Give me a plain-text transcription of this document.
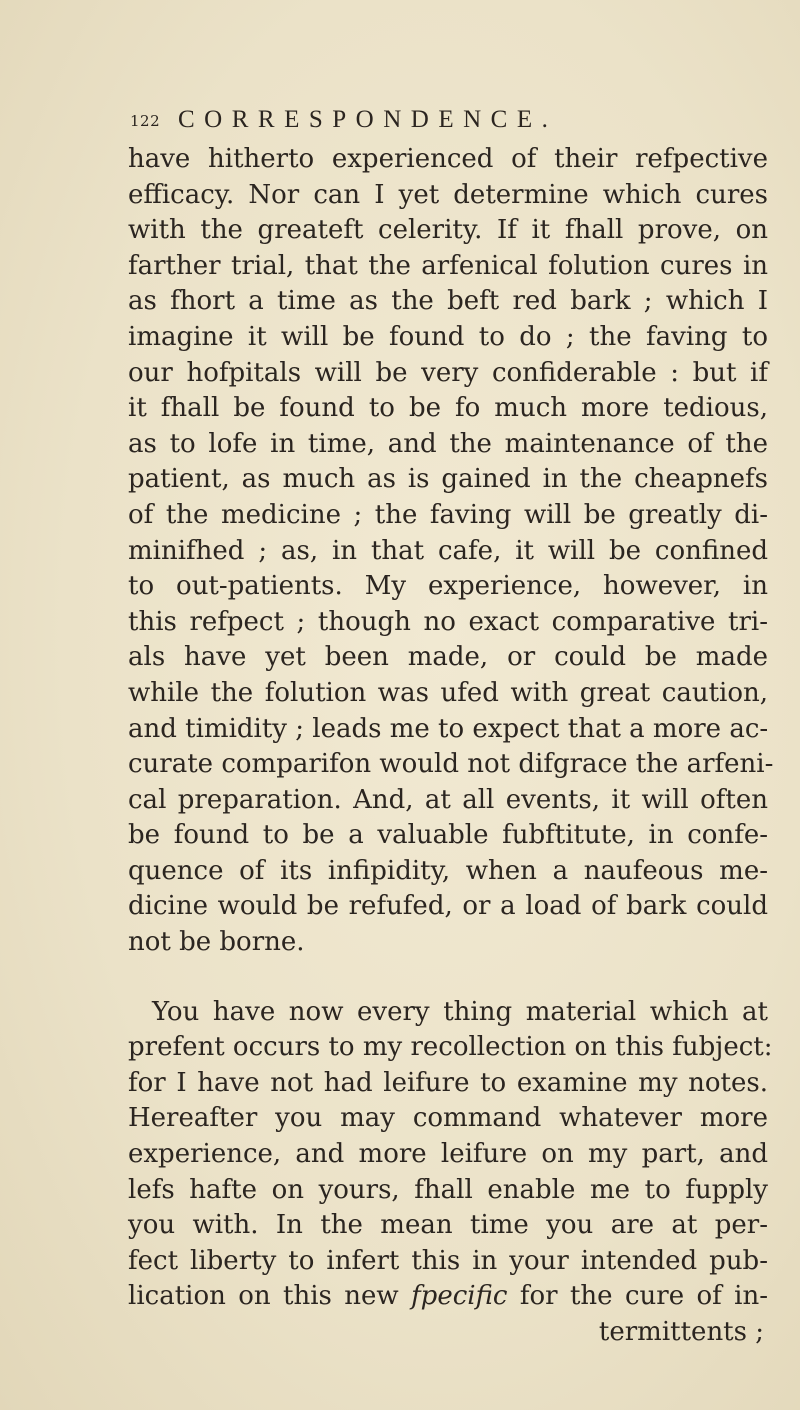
122 CORRESPONDENCE.
have hitherto experienced of their refpective
efficacy. Nor can I yet determine which cures
with the greateft celerity. If it fhall prove, on
farther trial, that the arfenical folution cures in
as fhort a time as the beft red bark ; which I
imagine it will be found to do ; the faving to
our hofpitals will be very confiderable : but if
it fhall be found to be fo much more tedious,
as to lofe in time, and the maintenance of the
patient, as much as is gained in the cheapnefs
of the medicine ; the faving will be greatly di-
minifhed ; as, in that cafe, it will be confined
to out-patients. My experience, however, in
this refpect ; though no exact comparative tri-
als have yet been made, or could be made
while the folution was ufed with great caution,
and timidity ; leads me to expect that a more ac-
curate comparifon would not difgrace the arfeni-
cal preparation. And, at all events, it will often
be found to be a valuable fubftitute, in confe-
quence of its infipidity, when a naufeous me-
dicine would be refufed, or a load of bark could
not be borne.
You have now every thing material which at
prefent occurs to my recollection on this fubject:
for I have not had leifure to examine my notes.
Hereafter you may command whatever more
experience, and more leifure on my part, and
lefs hafte on yours, fhall enable me to fupply
you with. In the mean time you are at per-
fect liberty to infert this in your intended pub-
lication on this new fpecific for the cure of in-
termittents ;
